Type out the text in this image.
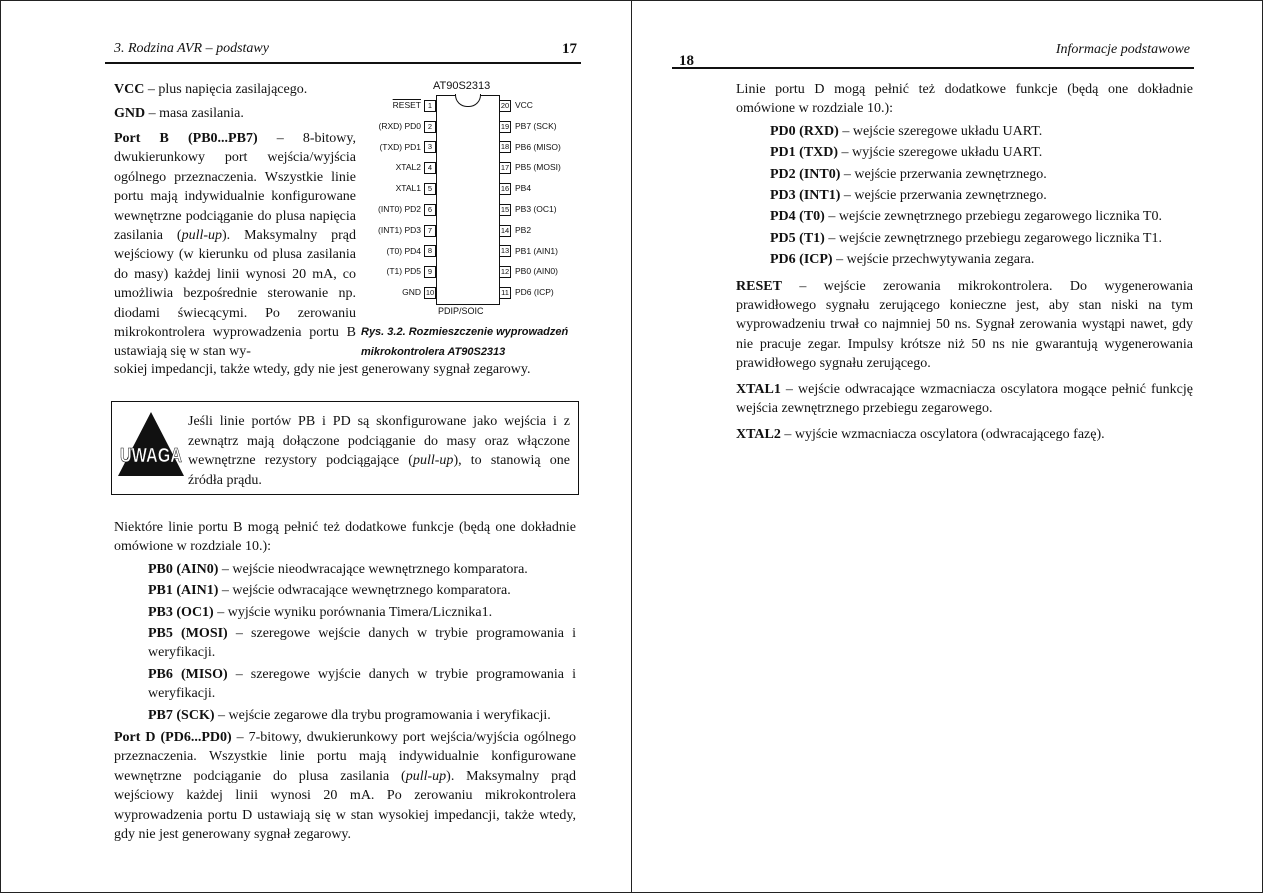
3. Rodzina AVR – podstawy	17

VCC – plus napięcia zasilającego.

GND – masa zasilania.

Port B (PB0...PB7) – 8-bitowy, dwukierunkowy port wejścia/wyjścia ogólnego przeznaczenia. Wszystkie linie portu mają indywidualnie konfigurowane wewnętrzne podciąganie do plusa napięcia zasilania (pull-up). Maksymalny prąd wejściowy (w kierunku od plusa zasilania do masy) każdej linii wynosi 20 mA, co umożliwia bezpośrednie sterowanie np. diodami świecącymi. Po zerowaniu mikrokontrolera wyprowadzenia portu B ustawiają się w stan wy-

sokiej impedancji, także wtedy, gdy nie jest generowany sygnał zegarowy.

AT90S2313
RESET 1
(RXD) PD0 2
(TXD) PD1 3
XTAL2 4
XTAL1 5
(INT0) PD2 6
(INT1) PD3 7
(T0) PD4 8
(T1) PD5 9
GND 10
20 VCC
19 PB7 (SCK)
18 PB6 (MISO)
17 PB5 (MOSI)
16 PB4
15 PB3 (OC1)
14 PB2
13 PB1 (AIN1)
12 PB0 (AIN0)
11 PD6 (ICP)
PDIP/SOIC
Rys. 3.2. Rozmieszczenie wyprowadzeń mikrokontrolera AT90S2313
UWAGA

Jeśli linie portów PB i PD są skonfigurowane jako wejścia i z zewnątrz mają dołączone podciąganie do masy oraz włączone wewnętrzne rezystory podciągające (pull-up), to stanowią one źródła prądu.

Niektóre linie portu B mogą pełnić też dodatkowe funkcje (będą one dokładnie omówione w rozdziale 10.):

PB0 (AIN0) – wejście nieodwracające wewnętrznego komparatora.

PB1 (AIN1) – wejście odwracające wewnętrznego komparatora.

PB3 (OC1) – wyjście wyniku porównania Timera/Licznika1.

PB5 (MOSI) – szeregowe wejście danych w trybie programowania i weryfikacji.

PB6 (MISO) – szeregowe wyjście danych w trybie programowania i weryfikacji.

PB7 (SCK) – wejście zegarowe dla trybu programowania i weryfikacji.

Port D (PD6...PD0) – 7-bitowy, dwukierunkowy port wejścia/wyjścia ogólnego przeznaczenia. Wszystkie linie portu mają indywidualnie konfigurowane wewnętrzne podciąganie do plusa zasilania (pull-up). Maksymalny prąd wejściowy każdej linii wynosi 20 mA. Po zerowaniu mikrokontrolera wyprowadzenia portu D ustawiają się w stan wysokiej impedancji, także wtedy, gdy nie jest generowany sygnał zegarowy.

18
Informacje podstawowe

Linie portu D mogą pełnić też dodatkowe funkcje (będą one dokładnie omówione w rozdziale 10.):

PD0 (RXD) – wejście szeregowe układu UART.

PD1 (TXD) – wyjście szeregowe układu UART.

PD2 (INT0) – wejście przerwania zewnętrznego.

PD3 (INT1) – wejście przerwania zewnętrznego.

PD4 (T0) – wejście zewnętrznego przebiegu zegarowego licznika T0.

PD5 (T1) – wejście zewnętrznego przebiegu zegarowego licznika T1.

PD6 (ICP) – wejście przechwytywania zegara.

RESET – wejście zerowania mikrokontrolera. Do wygenerowania prawidłowego sygnału zerującego konieczne jest, aby stan niski na tym wyprowadzeniu trwał co najmniej 50 ns. Sygnał zerowania wystąpi nawet, gdy nie pracuje zegar. Impulsy krótsze niż 50 ns nie gwarantują wygenerowania prawidłowego sygnału zerującego.

XTAL1 – wejście odwracające wzmacniacza oscylatora mogące pełnić funkcję wejścia zewnętrznego przebiegu zegarowego.

XTAL2 – wyjście wzmacniacza oscylatora (odwracającego fazę).
